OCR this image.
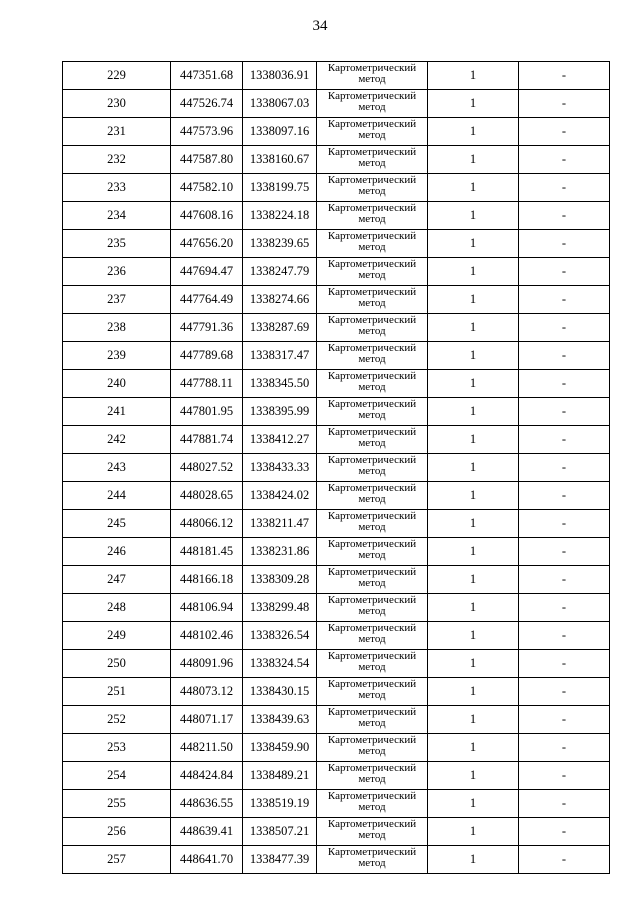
34
229	447351.68	1338036.91	Картометрический метод	1	-
230	447526.74	1338067.03	Картометрический метод	1	-
231	447573.96	1338097.16	Картометрический метод	1	-
232	447587.80	1338160.67	Картометрический метод	1	-
233	447582.10	1338199.75	Картометрический метод	1	-
234	447608.16	1338224.18	Картометрический метод	1	-
235	447656.20	1338239.65	Картометрический метод	1	-
236	447694.47	1338247.79	Картометрический метод	1	-
237	447764.49	1338274.66	Картометрический метод	1	-
238	447791.36	1338287.69	Картометрический метод	1	-
239	447789.68	1338317.47	Картометрический метод	1	-
240	447788.11	1338345.50	Картометрический метод	1	-
241	447801.95	1338395.99	Картометрический метод	1	-
242	447881.74	1338412.27	Картометрический метод	1	-
243	448027.52	1338433.33	Картометрический метод	1	-
244	448028.65	1338424.02	Картометрический метод	1	-
245	448066.12	1338211.47	Картометрический метод	1	-
246	448181.45	1338231.86	Картометрический метод	1	-
247	448166.18	1338309.28	Картометрический метод	1	-
248	448106.94	1338299.48	Картометрический метод	1	-
249	448102.46	1338326.54	Картометрический метод	1	-
250	448091.96	1338324.54	Картометрический метод	1	-
251	448073.12	1338430.15	Картометрический метод	1	-
252	448071.17	1338439.63	Картометрический метод	1	-
253	448211.50	1338459.90	Картометрический метод	1	-
254	448424.84	1338489.21	Картометрический метод	1	-
255	448636.55	1338519.19	Картометрический метод	1	-
256	448639.41	1338507.21	Картометрический метод	1	-
257	448641.70	1338477.39	Картометрический метод	1	-
